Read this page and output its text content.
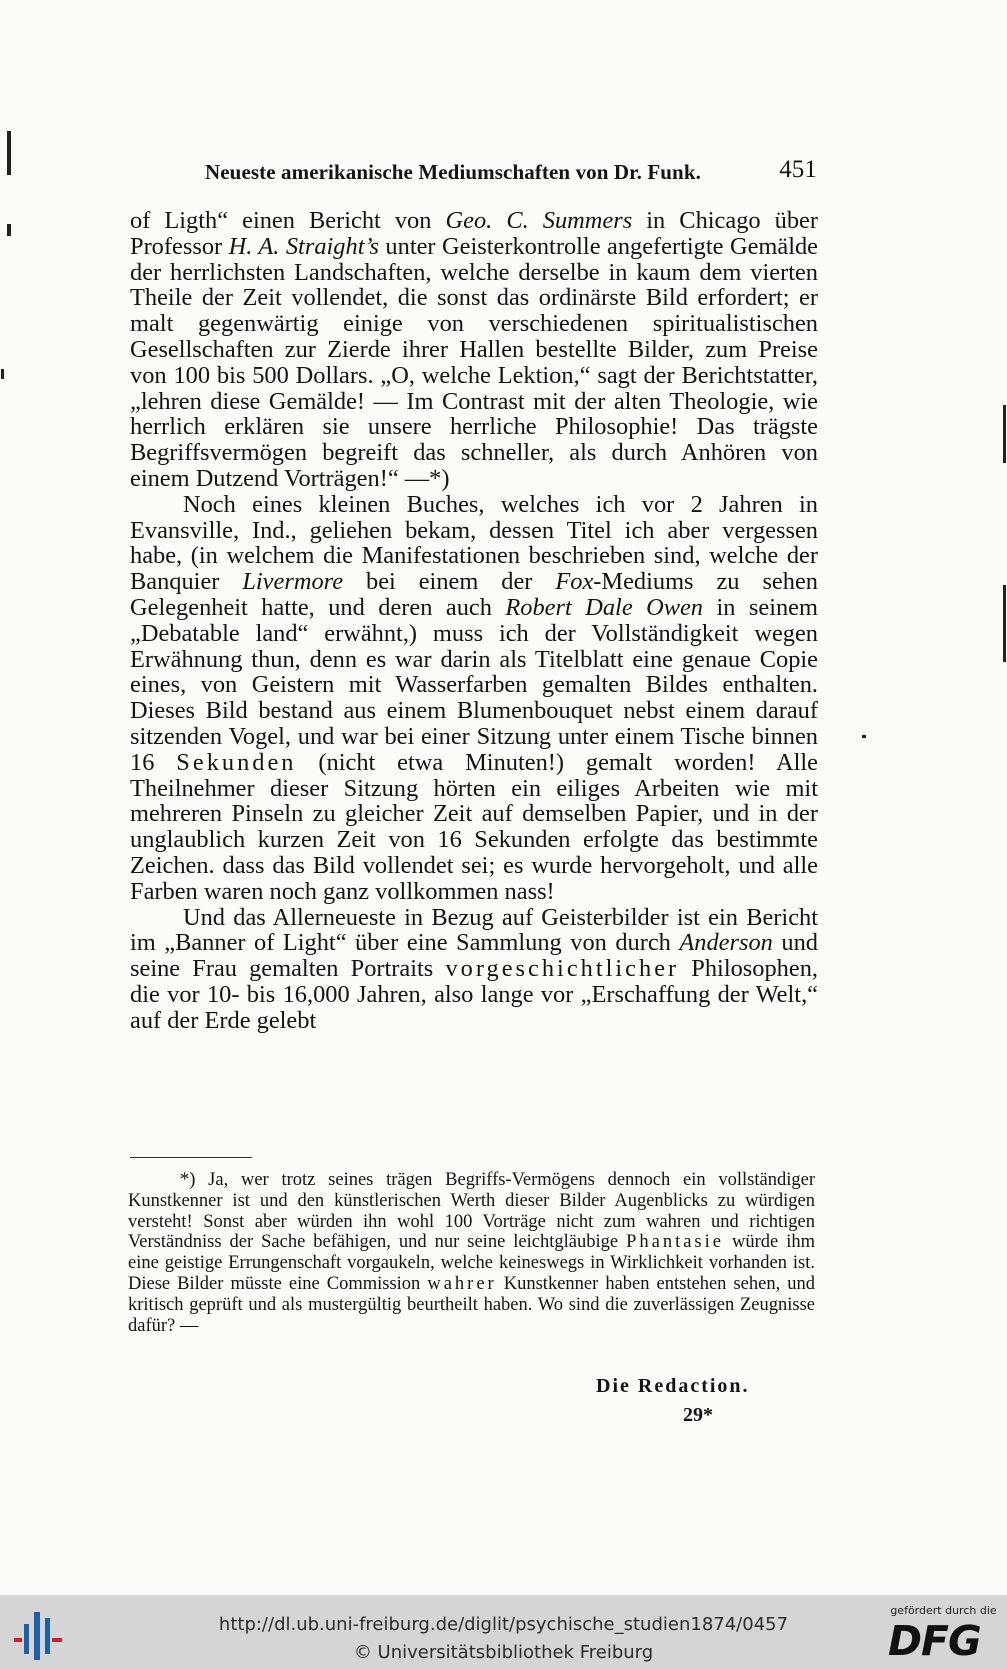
Neueste amerikanische Mediumschaften von Dr. Funk.	451

of Ligth“ einen Bericht von Geo. C. Summers in Chicago über Professor H. A. Straight’s unter Geisterkontrolle angefertigte Gemälde der herrlichsten Landschaften, welche derselbe in kaum dem vierten Theile der Zeit vollendet, die sonst das ordinärste Bild erfordert; er malt gegenwärtig einige von verschiedenen spiritualistischen Gesellschaften zur Zierde ihrer Hallen bestellte Bilder, zum Preise von 100 bis 500 Dollars. „O, welche Lektion,“ sagt der Berichtstatter, „lehren diese Gemälde! — Im Contrast mit der alten Theologie, wie herrlich erklären sie unsere herrliche Philosophie! Das trägste Begriffsvermögen begreift das schneller, als durch Anhören von einem Dutzend Vorträgen!“ —*)

Noch eines kleinen Buches, welches ich vor 2 Jahren in Evansville, Ind., geliehen bekam, dessen Titel ich aber vergessen habe, (in welchem die Manifestationen beschrieben sind, welche der Banquier Livermore bei einem der Fox-Mediums zu sehen Gelegenheit hatte, und deren auch Robert Dale Owen in seinem „Debatable land“ erwähnt,) muss ich der Vollständigkeit wegen Erwähnung thun, denn es war darin als Titelblatt eine genaue Copie eines, von Geistern mit Wasserfarben gemalten Bildes enthalten. Dieses Bild bestand aus einem Blumenbouquet nebst einem darauf sitzenden Vogel, und war bei einer Sitzung unter einem Tische binnen 16 Sekunden (nicht etwa Minuten!) gemalt worden! Alle Theilnehmer dieser Sitzung hörten ein eiliges Arbeiten wie mit mehreren Pinseln zu gleicher Zeit auf demselben Papier, und in der unglaublich kurzen Zeit von 16 Sekunden erfolgte das bestimmte Zeichen. dass das Bild vollendet sei; es wurde hervorgeholt, und alle Farben waren noch ganz vollkommen nass!

Und das Allerneueste in Bezug auf Geisterbilder ist ein Bericht im „Banner of Light“ über eine Sammlung von durch Anderson und seine Frau gemalten Portraits vorgeschichtlicher Philosophen, die vor 10- bis 16,000 Jahren, also lange vor „Erschaffung der Welt,“ auf der Erde gelebt

*) Ja, wer trotz seines trägen Begriffs-Vermögens dennoch ein vollständiger Kunstkenner ist und den künstlerischen Werth dieser Bilder Augenblicks zu würdigen versteht! Sonst aber würden ihn wohl 100 Vorträge nicht zum wahren und richtigen Verständniss der Sache befähigen, und nur seine leichtgläubige Phantasie würde ihm eine geistige Errungenschaft vorgaukeln, welche keineswegs in Wirklichkeit vorhanden ist. Diese Bilder müsste eine Commission wahrer Kunstkenner haben entstehen sehen, und kritisch geprüft und als mustergültig beurtheilt haben. Wo sind die zuverlässigen Zeugnisse dafür? —
Die Redaction.
29*
http://dl.ub.uni-freiburg.de/diglit/psychische_studien1874/0457
© Universitätsbibliothek Freiburg
gefördert durch die
DFG
